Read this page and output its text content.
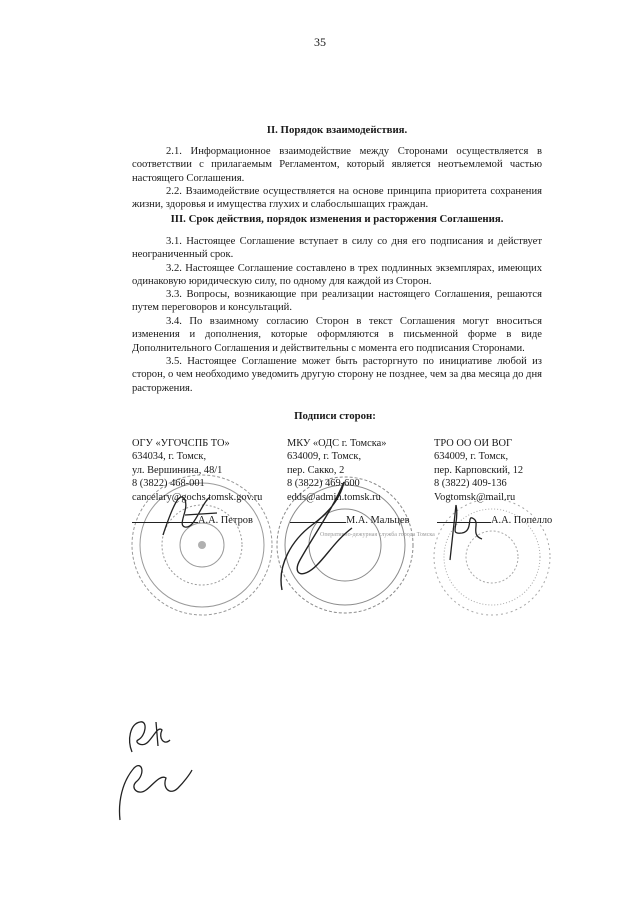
35
II. Порядок взаимодействия.

2.1. Информационное взаимодействие между Сторонами осуществляется в соответствии с прилагаемым Регламентом, который является неотъемлемой частью настоящего Соглашения.

2.2. Взаимодействие осуществляется на основе принципа приоритета сохранения жизни, здоровья и имущества глухих и слабослышащих граждан.

III. Срок действия, порядок изменения и расторжения Соглашения.

3.1. Настоящее Соглашение вступает в силу со дня его подписания и действует неограниченный срок.

3.2. Настоящее Соглашение составлено в трех подлинных экземплярах, имеющих одинаковую юридическую силу, по одному для каждой из Сторон.

3.3. Вопросы, возникающие при реализации настоящего Соглашения, решаются путем переговоров и консультаций.

3.4. По взаимному согласию Сторон в текст Соглашения могут вноситься изменения и дополнения, которые оформляются в письменной форме в виде Дополнительного Соглашения и действительны с момента его подписания Сторонами.

3.5. Настоящее Соглашение может быть расторгнуто по инициативе любой из сторон, о чем необходимо уведомить другую сторону не позднее, чем за два месяца до дня расторжения.

Подписи сторон:
Оперативно-дежурная служба города Томска
ОГУ «УГОЧСПБ ТО»
634034, г. Томск,
ул. Вершинина, 48/1
8 (3822) 468-001
cancelary@gochs.tomsk.gov.ru
МКУ «ОДС г. Томска»
634009, г. Томск,
пер. Сакко, 2
8 (3822) 469-600
edds@admin.tomsk.ru
ТРО ОО ОИ ВОГ
634009, г. Томск,
пер. Карповский, 12
8 (3822) 409-136
Vogtomsk@mail.ru
А.А. Петров	М.А. Мальцев	А.А. Попелло
